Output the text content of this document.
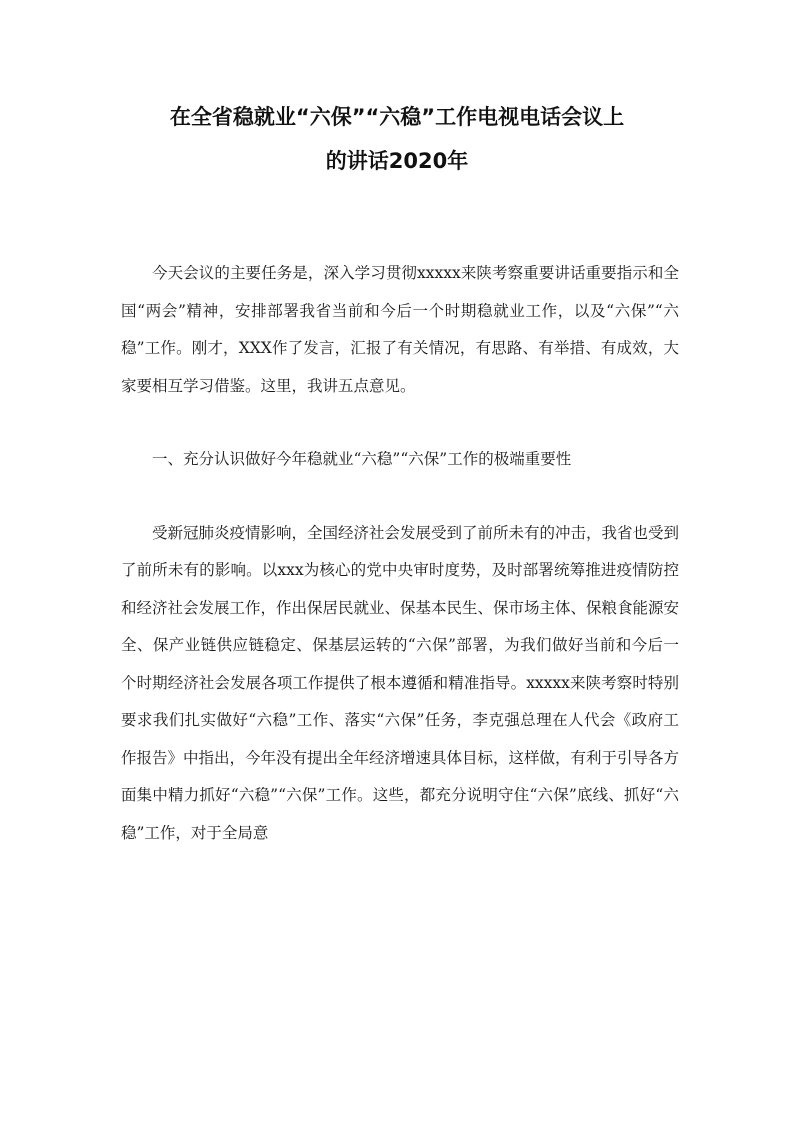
在全省稳就业“六保”“六稳”工作电视电话会议上
的讲话2020年

今天会议的主要任务是，深入学习贯彻xxxxx来陕考察重要讲话重要指示和全国“两会”精神，安排部署我省当前和今后一个时期稳就业工作，以及“六保”“六稳”工作。刚才，XXX作了发言，汇报了有关情况，有思路、有举措、有成效，大家要相互学习借鉴。这里，我讲五点意见。

一、充分认识做好今年稳就业“六稳”“六保”工作的极端重要性

受新冠肺炎疫情影响，全国经济社会发展受到了前所未有的冲击，我省也受到了前所未有的影响。以xxx为核心的党中央审时度势，及时部署统筹推进疫情防控和经济社会发展工作，作出保居民就业、保基本民生、保市场主体、保粮食能源安全、保产业链供应链稳定、保基层运转的“六保”部署，为我们做好当前和今后一个时期经济社会发展各项工作提供了根本遵循和精准指导。xxxxx来陕考察时特别要求我们扎实做好“六稳”工作、落实“六保”任务，李克强总理在人代会《政府工作报告》中指出，今年没有提出全年经济增速具体目标，这样做，有利于引导各方面集中精力抓好“六稳”“六保”工作。这些，都充分说明守住“六保”底线、抓好“六稳”工作，对于全局意
